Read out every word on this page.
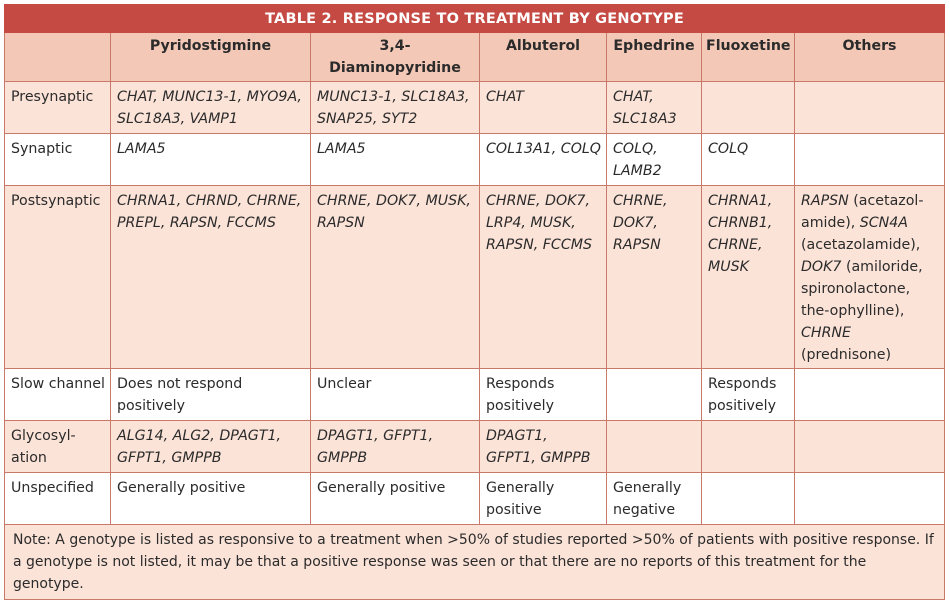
TABLE 2. RESPONSE TO TREATMENT BY GENOTYPE						
	Pyridostigmine	3,4-Diaminopyridine	Albuterol	Ephedrine	Fluoxetine	Others
Presynaptic	CHAT, MUNC13-1, MYO9A, SLC18A3, VAMP1	MUNC13-1, SLC18A3, SNAP25, SYT2	CHAT	CHAT, SLC18A3		
Synaptic	LAMA5	LAMA5	COL13A1, COLQ	COLQ, LAMB2	COLQ	
Postsynaptic	CHRNA1, CHRND, CHRNE, PREPL, RAPSN, FCCMS	CHRNE, DOK7, MUSK, RAPSN	CHRNE, DOK7, LRP4, MUSK, RAPSN, FCCMS	CHRNE, DOK7, RAPSN	CHRNA1, CHRNB1, CHRNE, MUSK	RAPSN (acetazol-amide), SCN4A (acetazolamide), DOK7 (amiloride, spironolactone, the-ophylline), CHRNE (prednisone)
Slow channel	Does not respond positively	Unclear	Responds positively		Responds positively	
Glycosyl-ation	ALG14, ALG2, DPAGT1, GFPT1, GMPPB	DPAGT1, GFPT1, GMPPB	DPAGT1, GFPT1, GMPPB			
Unspecified	Generally positive	Generally positive	Generally positive	Generally negative		
Note: A genotype is listed as responsive to a treatment when >50% of studies reported >50% of patients with positive response. If a genotype is not listed, it may be that a positive response was seen or that there are no reports of this treatment for the genotype.						
